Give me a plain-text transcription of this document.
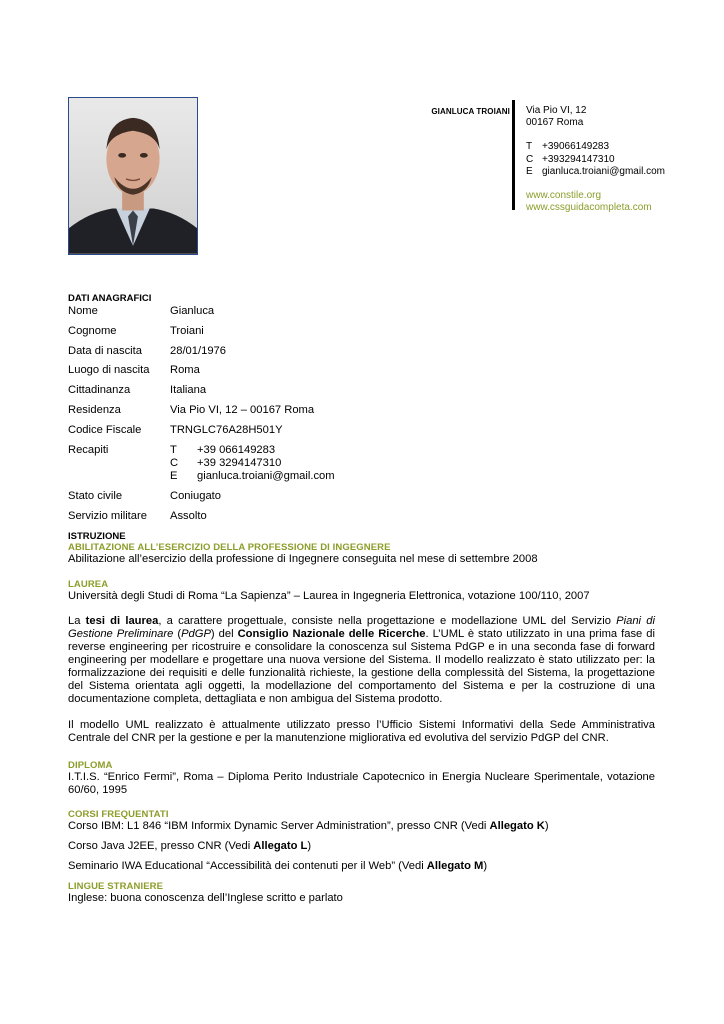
GIANLUCA TROIANI Via Pio VI, 12
00167 Roma
T +39066149283
C +393294147310
E gianluca.troiani@gmail.com
www.constile.org
www.cssguidacompleta.com
DATI ANAGRAFICI
Nome	Gianluca
Cognome	Troiani
Data di nascita	28/01/1976
Luogo di nascita	Roma
Cittadinanza	Italiana
Residenza	Via Pio VI, 12 – 00167 Roma
Codice Fiscale	TRNGLC76A28H501Y
Recapiti	T +39 066149283
C +39 3294147310
E gianluca.troiani@gmail.com

Stato civile	Coniugato
Servizio militare	Assolto
ISTRUZIONE
ABILITAZIONE ALL’ESERCIZIO DELLA PROFESSIONE DI INGEGNERE
Abilitazione all’esercizio della professione di Ingegnere conseguita nel mese di settembre 2008
LAUREA
Università degli Studi di Roma “La Sapienza” – Laurea in Ingegneria Elettronica, votazione 100/110, 2007
La tesi di laurea, a carattere progettuale, consiste nella progettazione e modellazione UML del Servizio Piani di Gestione Preliminare (PdGP) del Consiglio Nazionale delle Ricerche. L’UML è stato utilizzato in una prima fase di reverse engineering per ricostruire e consolidare la conoscenza sul Sistema PdGP e in una seconda fase di forward engineering per modellare e progettare una nuova versione del Sistema. Il modello realizzato è stato utilizzato per: la formalizzazione dei requisiti e delle funzionalità richieste, la gestione della complessità del Sistema, la progettazione del Sistema orientata agli oggetti, la modellazione del comportamento del Sistema e per la costruzione di una documentazione completa, dettagliata e non ambigua del Sistema prodotto.
Il modello UML realizzato è attualmente utilizzato presso l’Ufficio Sistemi Informativi della Sede Amministrativa Centrale del CNR per la gestione e per la manutenzione migliorativa ed evolutiva del servizio PdGP del CNR.
DIPLOMA
I.T.I.S. “Enrico Fermi”, Roma – Diploma Perito Industriale Capotecnico in Energia Nucleare Sperimentale, votazione 60/60, 1995
CORSI FREQUENTATI
Corso IBM: L1 846 “IBM Informix Dynamic Server Administration”, presso CNR (Vedi Allegato K)
Corso Java J2EE, presso CNR (Vedi Allegato L)
Seminario IWA Educational “Accessibilità dei contenuti per il Web” (Vedi Allegato M)
LINGUE STRANIERE
Inglese: buona conoscenza dell’Inglese scritto e parlato
